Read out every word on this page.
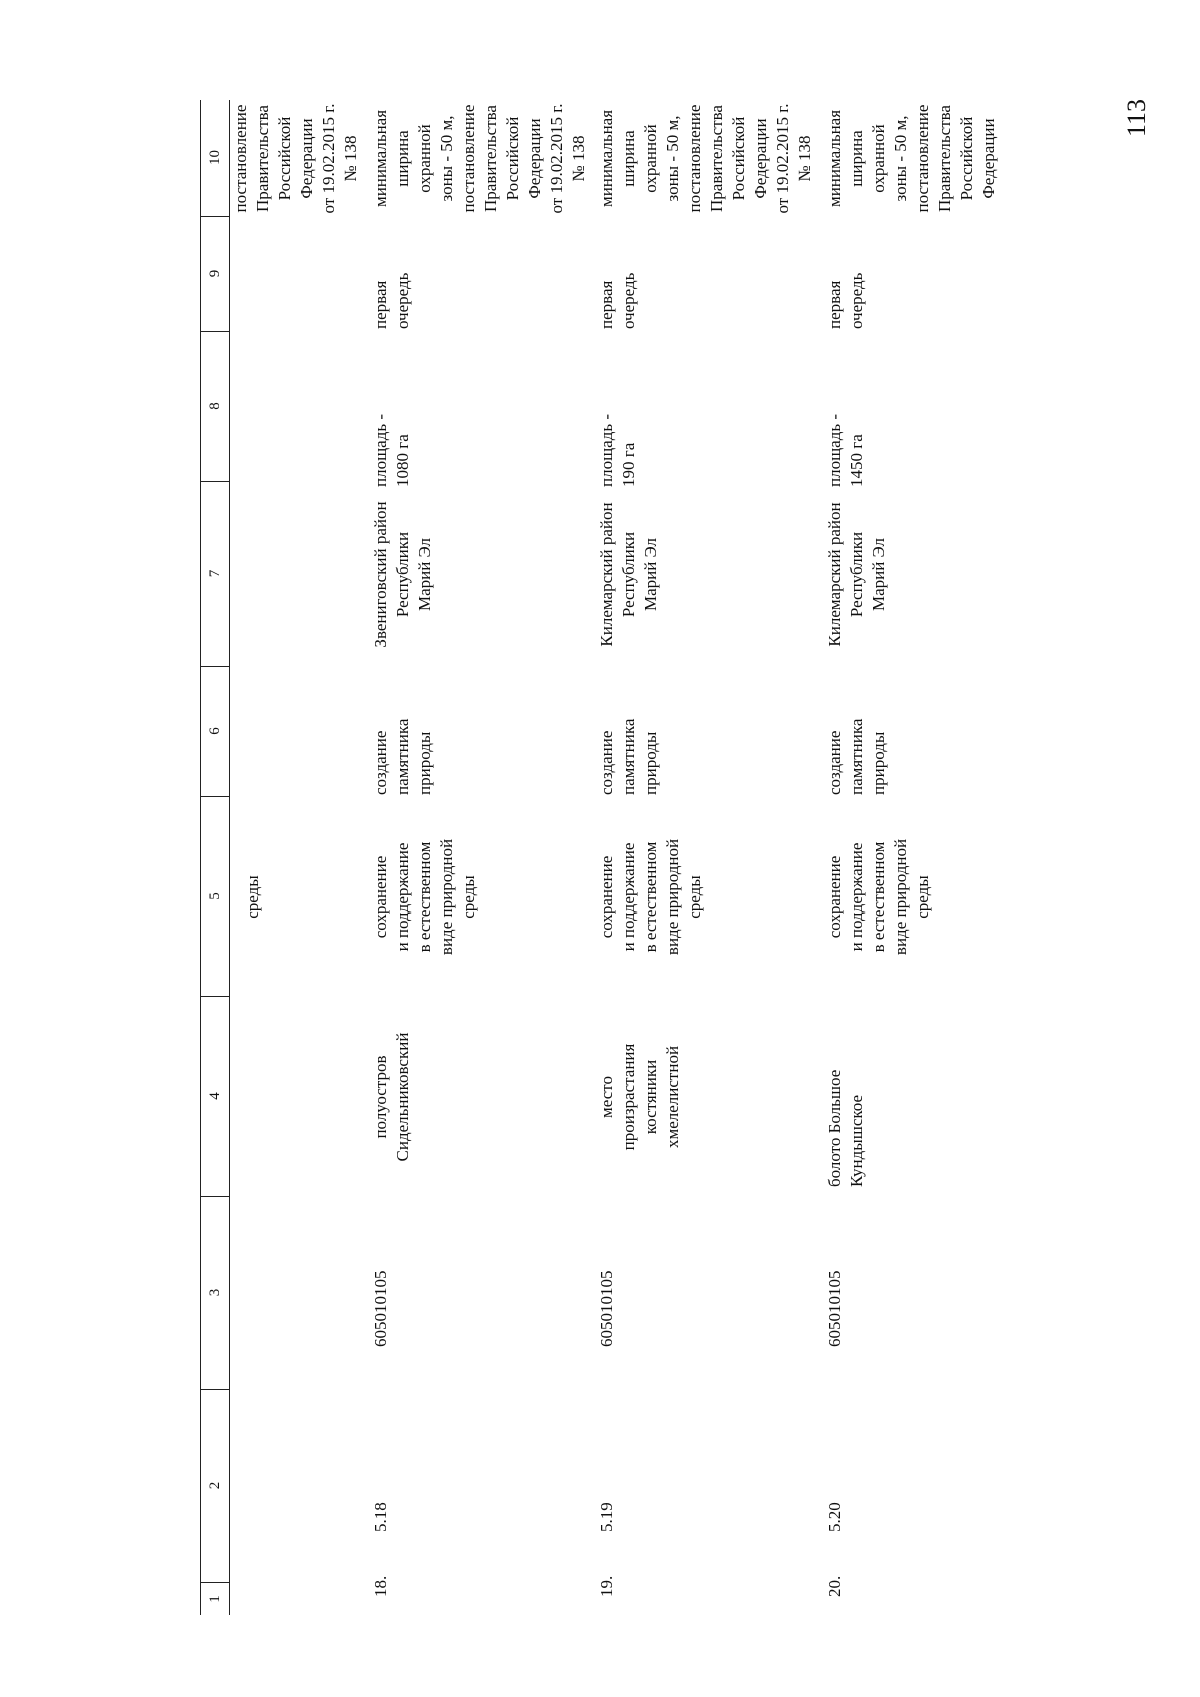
113
1
2
3
4
5
6
7
8
9
10
среды
постановление
Правительства
Российской
Федерации
от 19.02.2015 г.
№ 138
18.
5.18
605010105
полуостров
Сидельниковский
сохранение
и поддержание
в естественном
виде природной
среды
создание
памятника
природы
Звениговский район
Республики
Марий Эл
площадь -
1080 га
первая
очередь
минимальная
ширина
охранной
зоны - 50 м,
постановление
Правительства
Российской
Федерации
от 19.02.2015 г.
№ 138
19.
5.19
605010105
место
произрастания
костяники
хмелелистной
сохранение
и поддержание
в естественном
виде природной
среды
создание
памятника
природы
Килемарский район
Республики
Марий Эл
площадь -
190 га
первая
очередь
минимальная
ширина
охранной
зоны - 50 м,
постановление
Правительства
Российской
Федерации
от 19.02.2015 г.
№ 138
20.
5.20
605010105
болото Большое
Кундышское
сохранение
и поддержание
в естественном
виде природной
среды
создание
памятника
природы
Килемарский район
Республики
Марий Эл
площадь -
1450 га
первая
очередь
минимальная
ширина
охранной
зоны - 50 м,
постановление
Правительства
Российской
Федерации
